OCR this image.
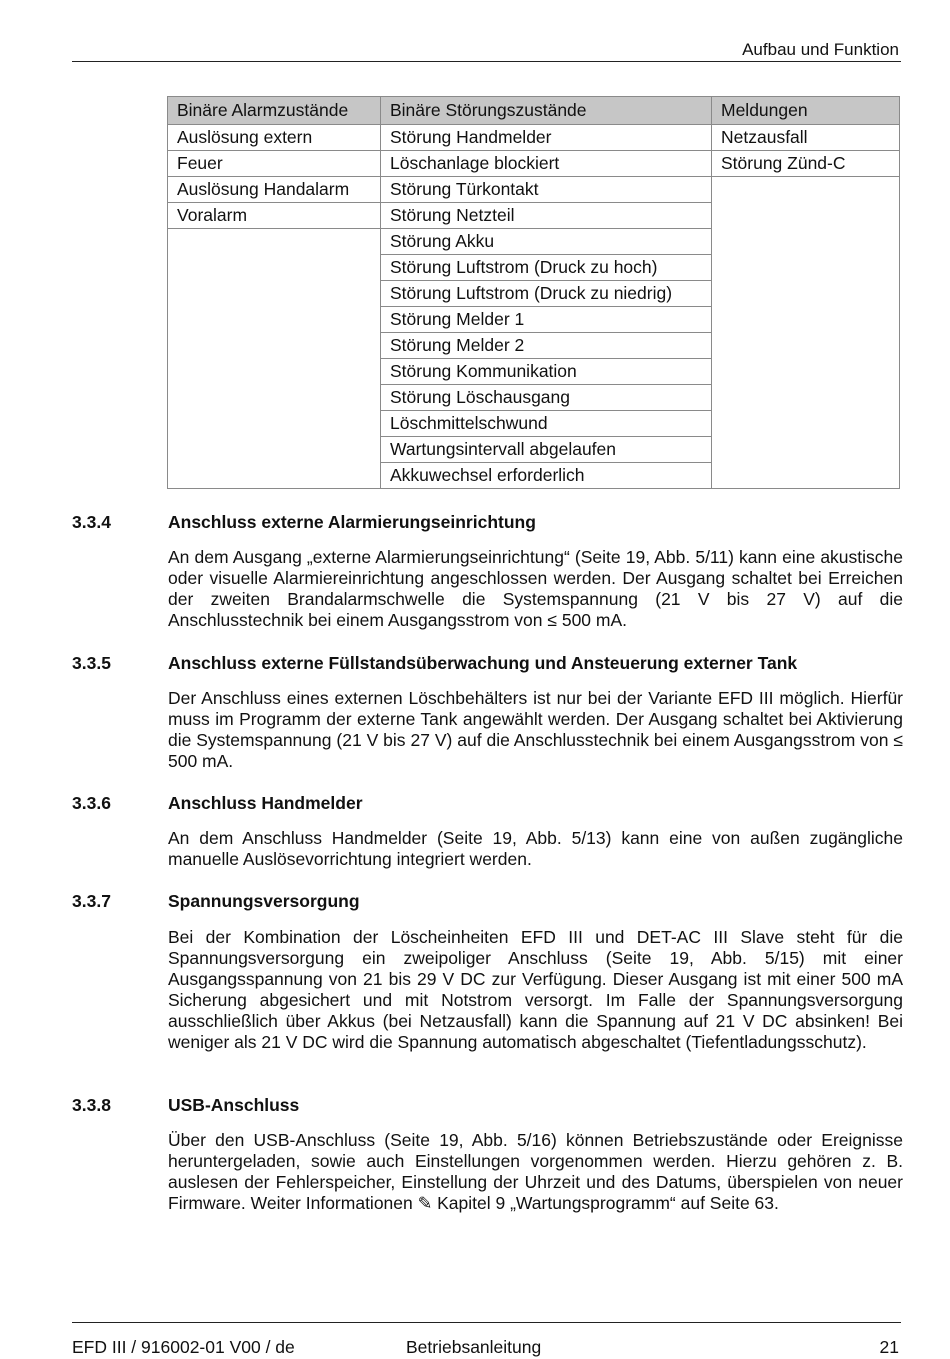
Aufbau und Funktion
Binäre Alarmzustände	Binäre Störungszustände	Meldungen
Auslösung extern	Störung Handmelder	Netzausfall
Feuer	Löschanlage blockiert	Störung Zünd-C
Auslösung Handalarm	Störung Türkontakt	
Voralarm	Störung Netzteil	
	Störung Akku	
	Störung Luftstrom (Druck zu hoch)	
	Störung Luftstrom (Druck zu niedrig)	
	Störung Melder 1	
	Störung Melder 2	
	Störung Kommunikation	
	Störung Löschausgang	
	Löschmittelschwund	
	Wartungsintervall abgelaufen	
	Akkuwechsel erforderlich	
3.3.4	Anschluss externe Alarmierungseinrichtung
An dem Ausgang „externe Alarmierungseinrichtung“ (Seite 19, Abb. 5/11) kann eine akustische oder visuelle Alarmiereinrichtung angeschlossen werden. Der Ausgang schaltet bei Erreichen der zweiten Brandalarmschwelle die Systemspannung (21 V bis 27 V) auf die Anschlusstechnik bei einem Ausgangsstrom von ≤ 500 mA.
3.3.5	Anschluss externe Füllstandsüberwachung und Ansteuerung externer Tank
Der Anschluss eines externen Löschbehälters ist nur bei der Variante EFD III möglich. Hierfür muss im Programm der externe Tank angewählt werden. Der Ausgang schaltet bei Aktivierung die Systemspannung (21 V bis 27 V) auf die Anschlusstechnik bei einem Ausgangsstrom von ≤ 500 mA.
3.3.6	Anschluss Handmelder
An dem Anschluss Handmelder (Seite 19, Abb. 5/13) kann eine von außen zugängliche manuelle Auslösevorrichtung integriert werden.
3.3.7	Spannungsversorgung
Bei der Kombination der Löscheinheiten EFD III und DET-AC III Slave steht für die Spannungsversorgung ein zweipoliger Anschluss (Seite 19, Abb. 5/15) mit einer Ausgangsspannung von 21 bis 29 V DC zur Verfügung. Dieser Ausgang ist mit einer 500 mA Sicherung abgesichert und mit Notstrom versorgt. Im Falle der Spannungsversorgung ausschließlich über Akkus (bei Netzausfall) kann die Spannung auf 21 V DC absinken! Bei weniger als 21 V DC wird die Spannung automatisch abgeschaltet (Tiefentladungsschutz).
3.3.8	USB-Anschluss
Über den USB-Anschluss (Seite 19, Abb. 5/16) können Betriebszustände oder Ereignisse heruntergeladen, sowie auch Einstellungen vorgenommen werden. Hierzu gehören z. B. auslesen der Fehlerspeicher, Einstellung der Uhrzeit und des Datums, überspielen von neuer Firmware. Weiter Informationen ✎ Kapitel 9 „Wartungsprogramm“ auf Seite 63.
EFD III / 916002-01 V00 / de	Betriebsanleitung	21
